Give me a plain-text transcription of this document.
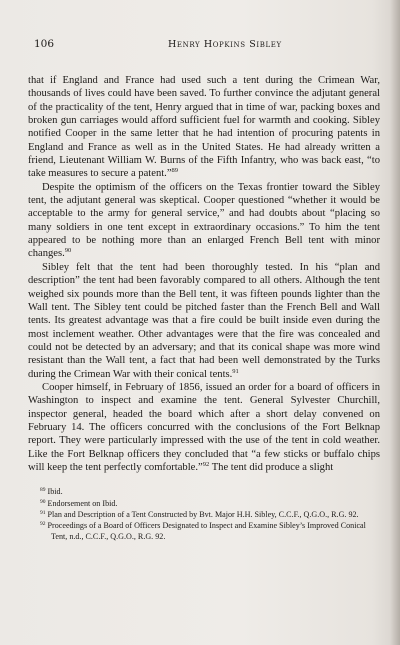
106	Henry Hopkins Sibley

that if England and France had used such a tent during the Crimean War, thousands of lives could have been saved. To further convince the adjutant general of the practicality of the tent, Henry argued that in time of war, packing boxes and broken gun carriages would afford sufficient fuel for warmth and cooking. Sibley notified Cooper in the same letter that he had intention of procuring patents in England and France as well as in the United States. He had already written a friend, Lieutenant William W. Burns of the Fifth Infantry, who was back east, “to take measures to secure a patent.”$^{89}$

Despite the optimism of the officers on the Texas frontier toward the Sibley tent, the adjutant general was skeptical. Cooper questioned “whether it would be acceptable to the army for general service,” and had doubts about “placing so many soldiers in one tent except in extraordinary occasions.” To him the tent appeared to be nothing more than an enlarged French Bell tent with minor changes.$^{90}$

Sibley felt that the tent had been thoroughly tested. In his “plan and description” the tent had been favorably compared to all others. Although the tent weighed six pounds more than the Bell tent, it was fifteen pounds lighter than the Wall tent. The Sibley tent could be pitched faster than the French Bell and Wall tents. Its greatest advantage was that a fire could be built inside even during the most inclement weather. Other advantages were that the fire was concealed and could not be detected by an adversary; and that its conical shape was more wind resistant than the Wall tent, a fact that had been well demonstrated by the Turks during the Crimean War with their conical tents.$^{91}$

Cooper himself, in February of 1856, issued an order for a board of officers in Washington to inspect and examine the tent. General Sylvester Churchill, inspector general, headed the board which after a short delay convened on February 14. The officers concurred with the conclusions of the Fort Belknap report. They were particularly impressed with the use of the tent in cold weather. Like the Fort Belknap officers they concluded that “a few sticks or buffalo chips will keep the tent perfectly comfortable.”$^{92}$ The tent did produce a slight

$^{89}$ Ibid.

$^{90}$ Endorsement on Ibid.

$^{91}$ Plan and Description of a Tent Constructed by Bvt. Major H.H. Sibley, C.C.F., Q.G.O., R.G. 92.

$^{92}$ Proceedings of a Board of Officers Designated to Inspect and Examine Sibley’s Improved Conical Tent, n.d., C.C.F., Q.G.O., R.G. 92.
